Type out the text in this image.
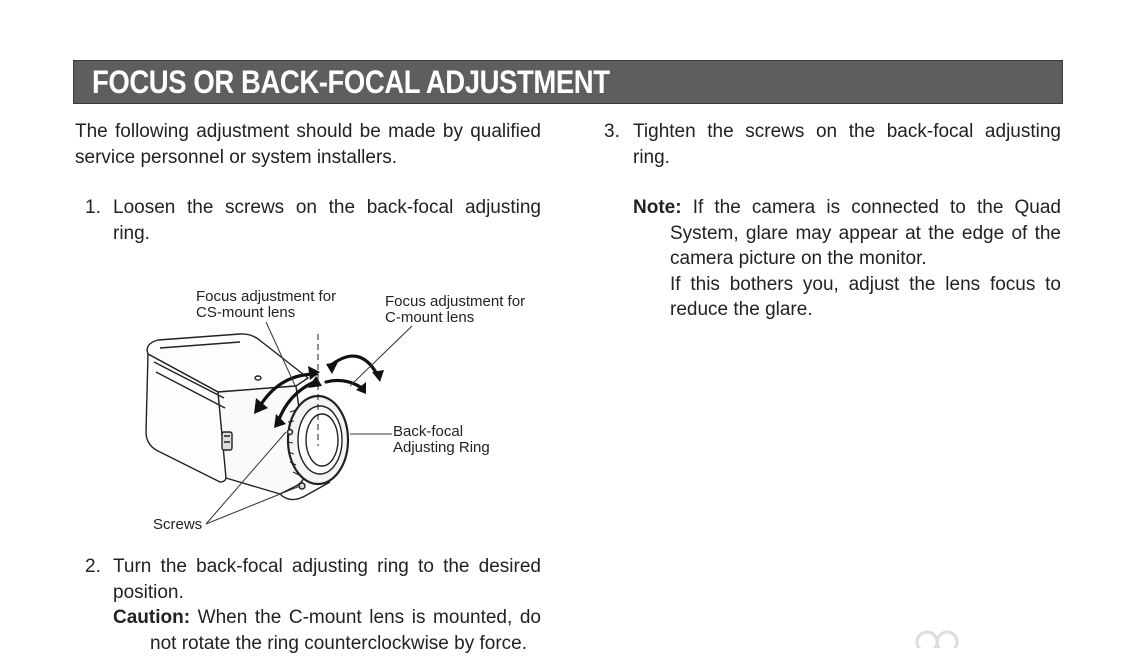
FOCUS OR BACK-FOCAL ADJUSTMENT

The following adjustment should be made by qualified service personnel or system installers.

1. Loosen the screws on the back-focal adjusting ring.
Focus adjustment for
CS-mount lens
Focus adjustment for
C-mount lens
Back-focal
Adjusting Ring
Screws
2. Turn the back-focal adjusting ring to the desired position.
Caution: When the C-mount lens is mounted, do not rotate the ring counterclockwise by force.
3. Tighten the screws on the back-focal adjusting ring.
Note: If the camera is connected to the Quad System, glare may appear at the edge of the camera picture on the monitor.
If this bothers you, adjust the lens focus to reduce the glare.
